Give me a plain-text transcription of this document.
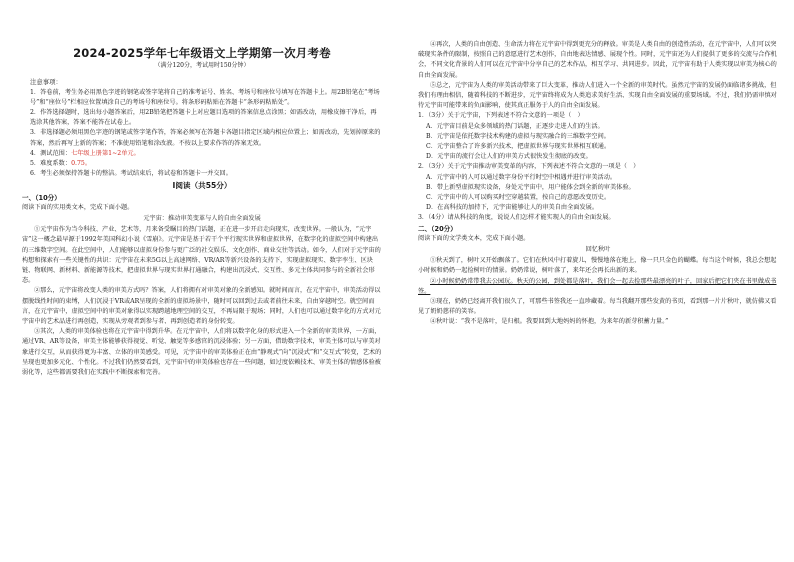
2024-2025学年七年级语文上学期第一次月考卷
（满分120分，考试用时150分钟）
注意事项：

1．答卷前，考生务必用黑色字迹的钢笔或签字笔将自己的准考证号、姓名、考场号和座位号填写在答题卡上。用2B铅笔在“考场号”和“座位号”栏相应位置填涂自己的考场号和座位号。将条形码粘贴在答题卡“条形码粘贴处”。

2．作答选择题时，选出每小题答案后，用2B铅笔把答题卡上对应题目选项的答案信息点涂黑；如需改动，用橡皮擦干净后，再选涂其他答案，答案不能答在试卷上。

3．非选择题必须用黑色字迹的钢笔或签字笔作答，答案必须写在答题卡各题目指定区域内相应位置上；如需改动，先划掉原来的答案，然后再写上新的答案；不准使用铅笔和涂改液。不按以上要求作答的答案无效。

4．测试范围：七年级上册第1~2单元。

5．难度系数：0.75。

6．考生必须保持答题卡的整洁。考试结束后，将试卷和答题卡一并交回。

Ⅰ阅读（共55分）
一、（10分）

阅读下面的实用类文本，完成下面小题。

元宇宙：推动审美变革与人的自由全面发展

①元宇宙作为当今科技、产业、艺术等，月来备受瞩目的热门话题，正在进一步开启走向现实，改变世界。一般认为，“元宇宙”这一概念最早源于1992年美国科幻小说《雪崩》。元宇宙是基于若干个平行现实世界和虚拟世界，在数字化的虚拟空间中构建出的三维数字空间。在此空间中，人们能够以虚拟身份参与更广泛的社交娱乐、文化创作、商业交往等活动。如今，人们对于元宇宙的构想和探索有一些关键性的共识：元宇宙在未来5G以上高速网络、VR/AR等新兴设备的支持下，实现虚拟现实、数字孪生、区块链、物联网、新材料、新能源等技术，把虚拟世界与现实世界打通融合，构建出沉浸式、交互性、多元主体共同参与的全新社会形态。

②那么，元宇宙将改变人类的审美方式吗？答案，人们将拥有对审美对象的全新感知。就时间而言，在元宇宙中，审美活动得以摆脱线性时间的束缚，人们沉浸于VR或AR呈现的全新的虚拟场景中，随时可以回到过去或者前往未来，自由穿越时空。就空间而言，在元宇宙中，虚拟空间中的审美对象得以实现跨越地理空间的交互，不再局限于现场；同时，人们也可以通过数字化的方式对元宇宙中的艺术品进行再创造，实现从旁观者到参与者、再到创造者的身份转变。

③其次，人类的审美体验也将在元宇宙中得到升华。在元宇宙中，人们将以数字化身的形式进入一个全新的审美世界，一方面，通过VR、AR等设备，审美主体能够获得视觉、听觉、触觉等多感官的沉浸体验；另一方面，借助数字技术，审美主体可以与审美对象进行交互，从而获得更为丰富、立体的审美感受。可见，元宇宙中的审美体验正在由“静观式”向“沉浸式”和“交互式”转变，艺术的呈现也更加多元化、个性化。不过我们仍然要看到，元宇宙中的审美体验也存在一些问题，如过度依赖技术、审美主体的情感体验被弱化等，这些都需要我们在实践中不断探索和完善。

④再次，人类的自由创造、生命活力将在元宇宙中得到更充分的释放。审美是人类自由的创造性活动，在元宇宙中，人们可以突破现实条件的限制，按照自己的意愿进行艺术创作，自由地表达情感、展现个性。同时，元宇宙还为人们提供了更多的交流与合作机会，不同文化背景的人们可以在元宇宙中分享自己的艺术作品，相互学习、共同进步。因此，元宇宙有助于人类实现以审美为核心的自由全面发展。

⑤总之，元宇宙为人类的审美活动带来了巨大变革，推动人们进入一个全新的审美时代。虽然元宇宙的发展仍面临诸多挑战，但我们有理由相信，随着科技的不断进步，元宇宙终将成为人类追求美好生活、实现自由全面发展的重要场域。不过，我们仍需审慎对待元宇宙可能带来的负面影响，使其真正服务于人的自由全面发展。

1．（3分）关于元宇宙，下列表述不符合文意的一项是（　）

A．元宇宙目前是众多领域的热门话题，正逐步走进人们的生活。

B．元宇宙是依托数字技术构建的虚拟与现实融合的三维数字空间。

C．元宇宙整合了许多新兴技术，把虚拟世界与现实世界相互联通。

D．元宇宙的流行会让人们的审美方式很快发生彻底的改变。

2．（3分）关于元宇宙推动审美变革的内容，下列表述不符合文意的一项是（　）

A．元宇宙中的人可以通过数字身份平行时空中相遇并进行审美活动。

B．带上新型虚拟现实设备，身处元宇宙中，用户能体会到全新的审美体验。

C．元宇宙中的人可以购买时空穿越装置，按自己的意愿改变历史。

D．在高科技的加持下，元宇宙能够让人的审美自由全面发展。

3．（4分）请从科技的角度，说说人们怎样才能实现人的自由全面发展。

二、（20分）

阅读下面的文学类文本，完成下面小题。

回忆秋叶

①秋天到了，树叶又开始飘落了。它们在秋风中打着旋儿，慢慢地落在地上，像一只只金色的蝴蝶。每当这个时候，我总会想起小时候和奶奶一起捡树叶的情景。奶奶常说，树叶落了，来年还会再长出新的来。

②小时候奶奶常带我去公园玩。秋天的公园，到处都是落叶，我们会一起去捡那些最漂亮的叶子，回家后把它们夹在书里做成书签。

③现在，奶奶已经离开我们很久了，可那些书签我还一直珍藏着。每当我翻开那些发黄的书页，看到那一片片秋叶，就仿佛又看见了奶奶慈祥的笑容。

④秋叶说：“我不是落叶，是归根。我要回到大地妈妈的怀抱，为来年的新芽积蓄力量。”
